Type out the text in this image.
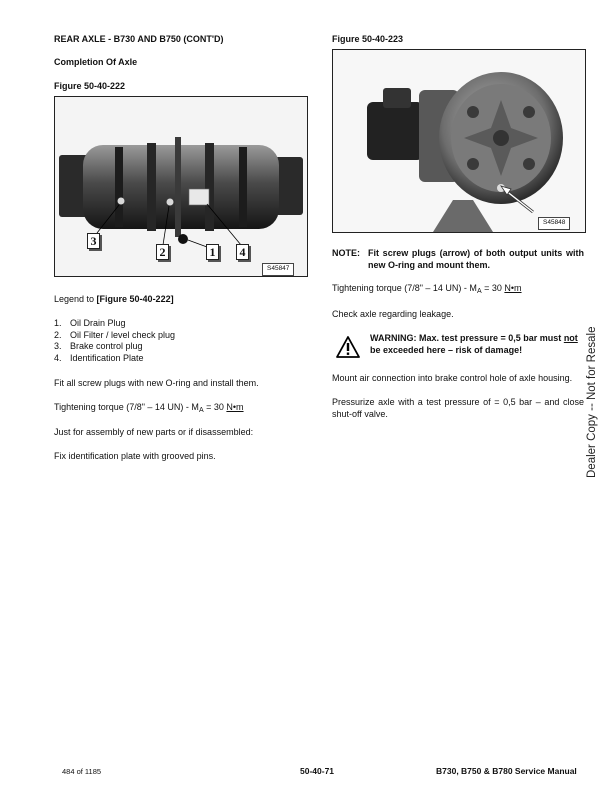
REAR AXLE - B730 AND B750 (CONT'D)
Completion Of Axle
Figure 50-40-222
3
2	1 4
S45847
Legend to [Figure 50-40-222]
1. Oil Drain Plug
2. Oil Filter / level check plug
3. Brake control plug
4. Identification Plate
Fit all screw plugs with new O-ring and install them.
Tightening torque (7/8" – 14 $UN) - M_A = 30$ N•m
Just for assembly of new parts or if disassembled:
Fix identification plate with grooved pins.
Figure 50-40-223
S45848
NOTE: Fit screw plugs (arrow) of both output units with new O-ring and mount them.
Tightening torque (7/8" – 14 $UN) - M_A = 30$ N•m
Check axle regarding leakage.
WARNING: Max. test pressure = 0,5 bar must not be exceeded here – risk of damage!
Mount air connection into brake control hole of axle housing.
Pressurize axle with a test pressure of = 0,5 bar – and close shut-off valve.	Dealer Copy -- Not for Resale
484 of 1185	50-40-71	B730, B750 & B780 Service Manual
